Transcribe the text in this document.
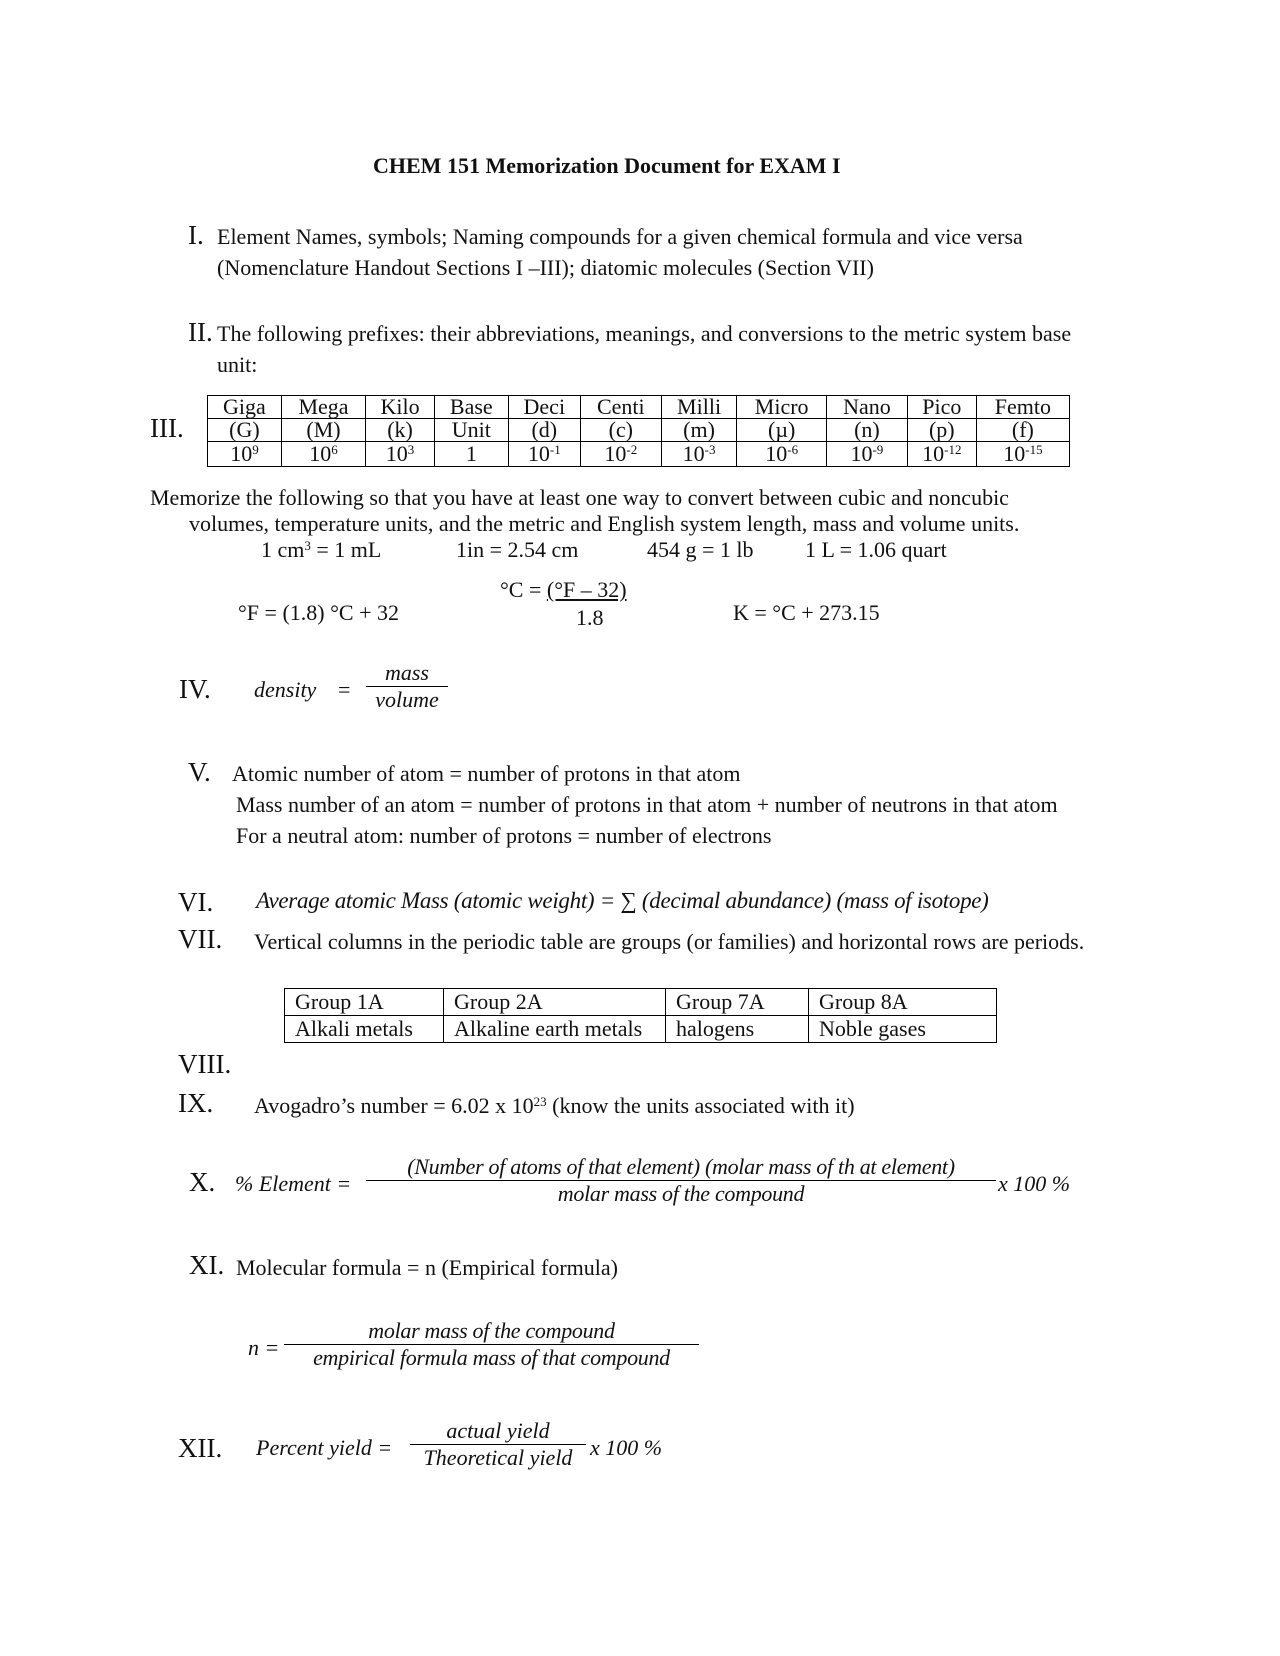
CHEM 151 Memorization Document for EXAM I
I. Element Names, symbols; Naming compounds for a given chemical formula and vice versa
(Nomenclature Handout Sections I –III); diatomic molecules (Section VII)
II. The following prefixes: their abbreviations, meanings, and conversions to the metric system base
unit:
III.
Giga	Mega	Kilo	Base	Deci	Centi	Milli	Micro	Nano	Pico	Femto
(G)	(M)	(k)	Unit	(d)	(c)	(m)	(µ)	(n)	(p)	(f)
$10^9$	$10^6$	$10^3$	1	$10^{-1}$	$10^{-2}$	$10^{-3}$	$10^{-6}$	$10^{-9}$	$10^{-12}$	$10^{-15}$
Memorize the following so that you have at least one way to convert between cubic and noncubic
volumes, temperature units, and the metric and English system length, mass and volume units.
1 $cm^3 = 1$ mL	1in = 2.54 cm	454 g = 1 lb 1 L = 1.06 quart
°F = (1.8) °C + 32
°C = (°F – 32)
1.8	K = °C + 273.15
IV. density =
mass
volume
V. Atomic number of atom = number of protons in that atom
Mass number of an atom = number of protons in that atom + number of neutrons in that atom
For a neutral atom: number of protons = number of electrons
VI. Average atomic Mass (atomic weight) = ∑ (decimal abundance) (mass of isotope)
VII. Vertical columns in the periodic table are groups (or families) and horizontal rows are periods.
Group 1A	Group 2A	Group 7A	Group 8A
Alkali metals	Alkaline earth metals	halogens	Noble gases
VIII.
IX. Avogadro’s number = 6.02 x $10^{23}$ (know the units associated with it)
X. % Element =
(Number of atoms of that element) (molar mass of th at element)
molar mass of the compound	x 100 %
XI. Molecular formula = n (Empirical formula)
n =
molar mass of the compound
empirical formula mass of that compound
XII. Percent yield =
actual yield
Theoretical yield x 100 %
